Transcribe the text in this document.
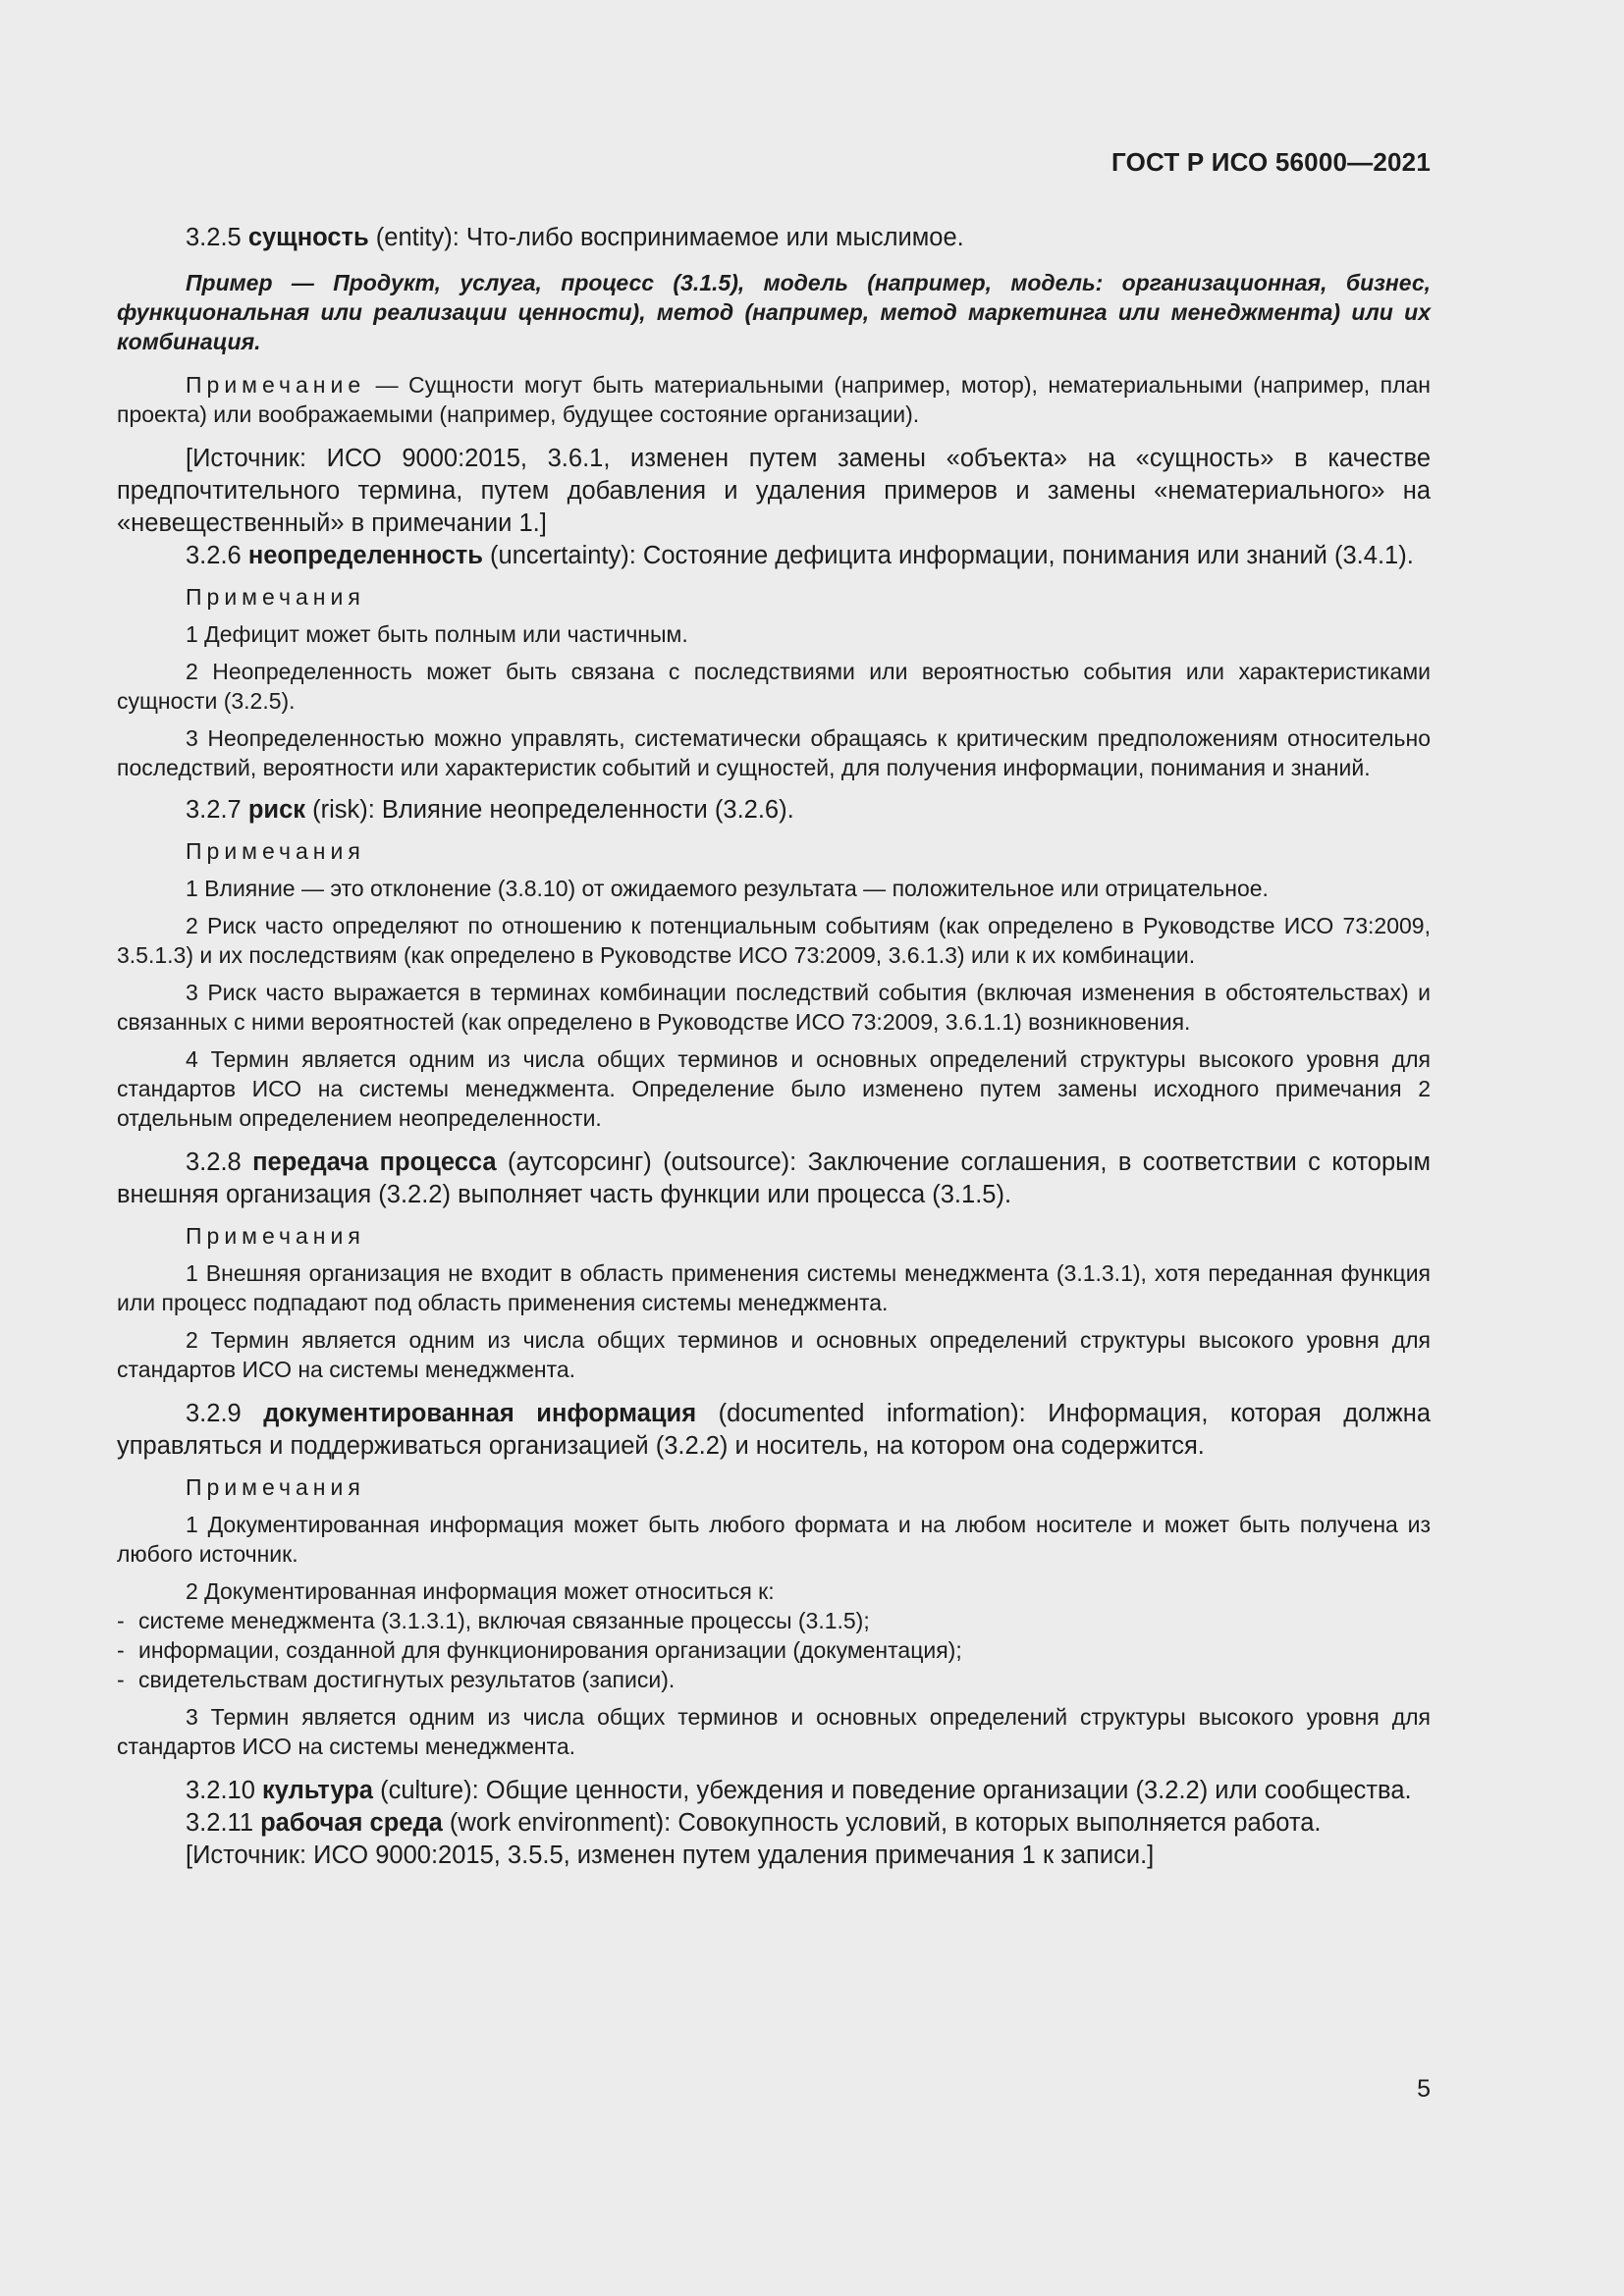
ГОСТ Р ИСО 56000—2021

3.2.5 сущность (entity): Что-либо воспринимаемое или мыслимое.

Пример — Продукт, услуга, процесс (3.1.5), модель (например, модель: организационная, бизнес, функциональная или реализации ценности), метод (например, метод маркетинга или менеджмента) или их комбинация.

Примечание — Сущности могут быть материальными (например, мотор), нематериальными (например, план проекта) или воображаемыми (например, будущее состояние организации).

[Источник: ИСО 9000:2015, 3.6.1, изменен путем замены «объекта» на «сущность» в качестве предпочтительного термина, путем добавления и удаления примеров и замены «нематериального» на «невещественный» в примечании 1.]

3.2.6 неопределенность (uncertainty): Состояние дефицита информации, понимания или знаний (3.4.1).

Примечания

1 Дефицит может быть полным или частичным.

2 Неопределенность может быть связана с последствиями или вероятностью события или характеристиками сущности (3.2.5).

3 Неопределенностью можно управлять, систематически обращаясь к критическим предположениям относительно последствий, вероятности или характеристик событий и сущностей, для получения информации, понимания и знаний.

3.2.7 риск (risk): Влияние неопределенности (3.2.6).

Примечания

1 Влияние — это отклонение (3.8.10) от ожидаемого результата — положительное или отрицательное.

2 Риск часто определяют по отношению к потенциальным событиям (как определено в Руководстве ИСО 73:2009, 3.5.1.3) и их последствиям (как определено в Руководстве ИСО 73:2009, 3.6.1.3) или к их комбинации.

3 Риск часто выражается в терминах комбинации последствий события (включая изменения в обстоятельствах) и связанных с ними вероятностей (как определено в Руководстве ИСО 73:2009, 3.6.1.1) возникновения.

4 Термин является одним из числа общих терминов и основных определений структуры высокого уровня для стандартов ИСО на системы менеджмента. Определение было изменено путем замены исходного примечания 2 отдельным определением неопределенности.

3.2.8 передача процесса (аутсорсинг) (outsource): Заключение соглашения, в соответствии с которым внешняя организация (3.2.2) выполняет часть функции или процесса (3.1.5).

Примечания

1 Внешняя организация не входит в область применения системы менеджмента (3.1.3.1), хотя переданная функция или процесс подпадают под область применения системы менеджмента.

2 Термин является одним из числа общих терминов и основных определений структуры высокого уровня для стандартов ИСО на системы менеджмента.

3.2.9 документированная информация (documented information): Информация, которая должна управляться и поддерживаться организацией (3.2.2) и носитель, на котором она содержится.

Примечания

1 Документированная информация может быть любого формата и на любом носителе и может быть получена из любого источник.

2 Документированная информация может относиться к:

- системе менеджмента (3.1.3.1), включая связанные процессы (3.1.5);
- информации, созданной для функционирования организации (документация);
- свидетельствам достигнутых результатов (записи).

3 Термин является одним из числа общих терминов и основных определений структуры высокого уровня для стандартов ИСО на системы менеджмента.

3.2.10 культура (culture): Общие ценности, убеждения и поведение организации (3.2.2) или сообщества.

3.2.11 рабочая среда (work environment): Совокупность условий, в которых выполняется работа.

[Источник: ИСО 9000:2015, 3.5.5, изменен путем удаления примечания 1 к записи.]

5
